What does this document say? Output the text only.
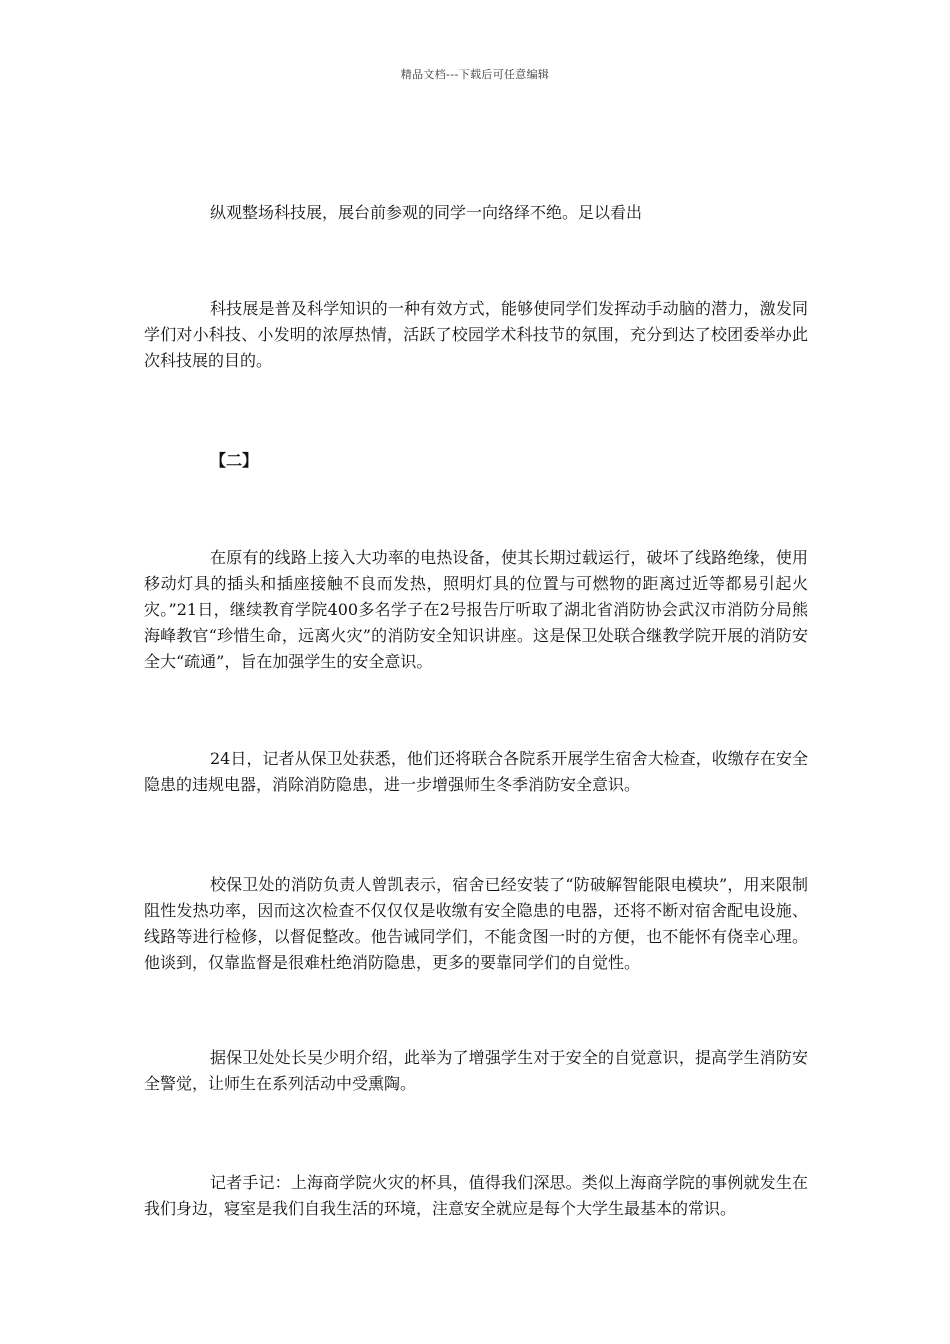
精品文档---下载后可任意编辑

纵观整场科技展，展台前参观的同学一向络绎不绝。足以看出

科技展是普及科学知识的一种有效方式，能够使同学们发挥动手动脑的潜力，激发同学们对小科技、小发明的浓厚热情，活跃了校园学术科技节的氛围，充分到达了校团委举办此次科技展的目的。

【二】

在原有的线路上接入大功率的电热设备，使其长期过载运行，破坏了线路绝缘，使用移动灯具的插头和插座接触不良而发热，照明灯具的位置与可燃物的距离过近等都易引起火灾。”21日，继续教育学院400多名学子在2号报告厅听取了湖北省消防协会武汉市消防分局熊海峰教官“珍惜生命，远离火灾”的消防安全知识讲座。这是保卫处联合继教学院开展的消防安全大“疏通”，旨在加强学生的安全意识。

24日，记者从保卫处获悉，他们还将联合各院系开展学生宿舍大检查，收缴存在安全隐患的违规电器，消除消防隐患，进一步增强师生冬季消防安全意识。

校保卫处的消防负责人曾凯表示，宿舍已经安装了“防破解智能限电模块”，用来限制阻性发热功率，因而这次检查不仅仅仅是收缴有安全隐患的电器，还将不断对宿舍配电设施、线路等进行检修，以督促整改。他告诫同学们，不能贪图一时的方便，也不能怀有侥幸心理。他谈到，仅靠监督是很难杜绝消防隐患，更多的要靠同学们的自觉性。

据保卫处处长吴少明介绍，此举为了增强学生对于安全的自觉意识，提高学生消防安全警觉，让师生在系列活动中受熏陶。

记者手记：上海商学院火灾的杯具，值得我们深思。类似上海商学院的事例就发生在我们身边，寝室是我们自我生活的环境，注意安全就应是每个大学生最基本的常识。
